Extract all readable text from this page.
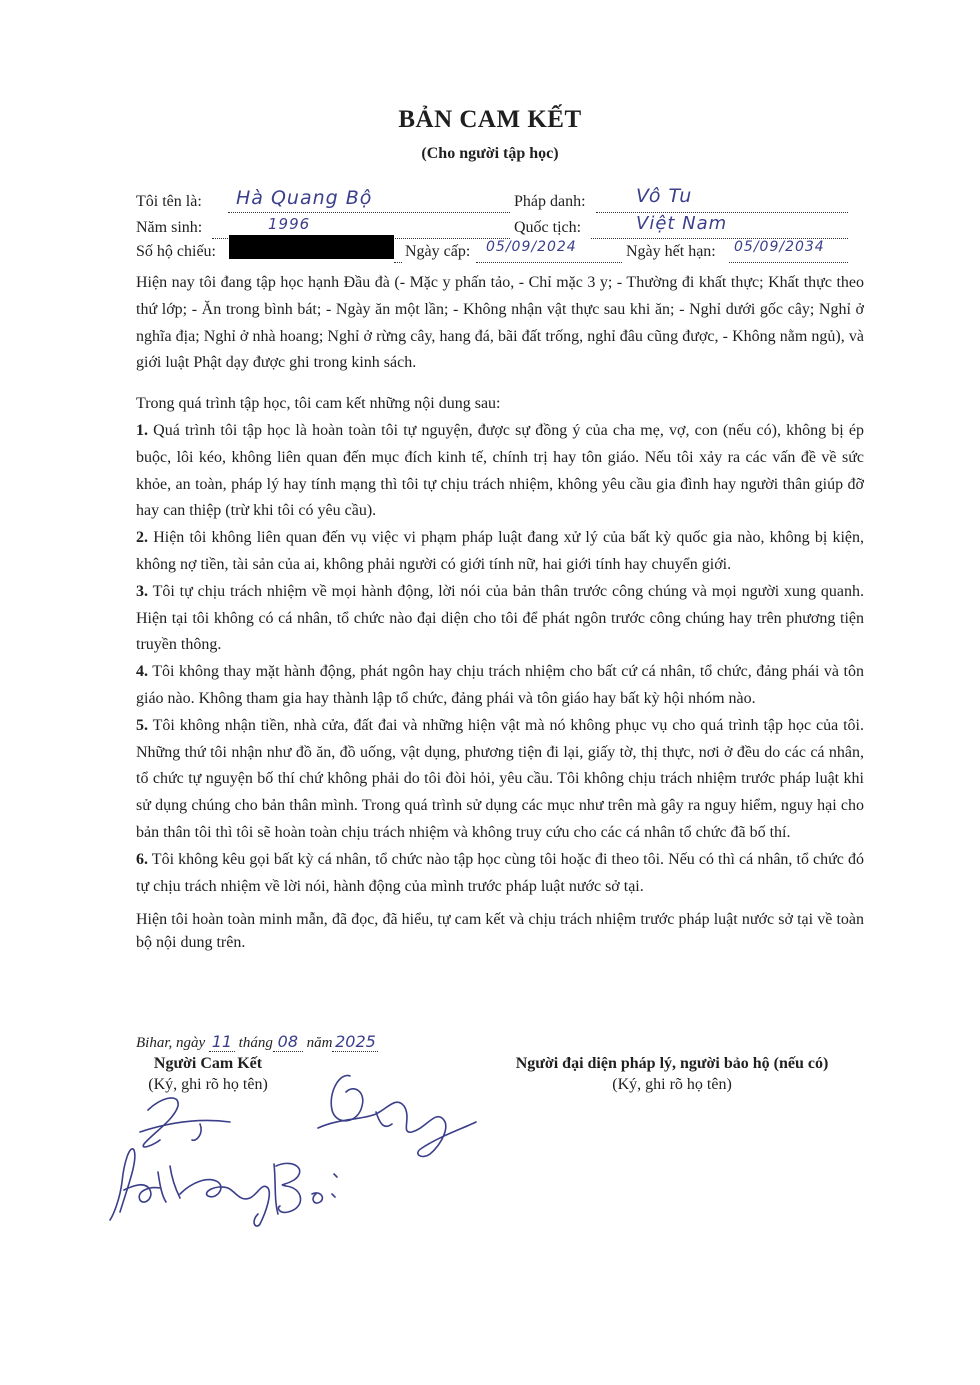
BẢN CAM KẾT
(Cho người tập học)
Tôi tên là: Hà Quang Bộ	Pháp danh:	Vô Tu
Năm sinh:	1996	Quốc tịch:	Việt Nam
Số hộ chiếu:	Ngày cấp: 05/09/2024	Ngày hết hạn: 05/09/2034

Hiện nay tôi đang tập học hạnh Đầu đà (- Mặc y phấn tảo, - Chỉ mặc 3 y; - Thường đi khất thực; Khất thực theo thứ lớp; - Ăn trong bình bát; - Ngày ăn một lần; - Không nhận vật thực sau khi ăn; - Nghỉ dưới gốc cây; Nghỉ ở nghĩa địa; Nghỉ ở nhà hoang; Nghỉ ở rừng cây, hang đá, bãi đất trống, nghỉ đâu cũng được, - Không nằm ngủ), và giới luật Phật dạy được ghi trong kinh sách.

Trong quá trình tập học, tôi cam kết những nội dung sau:

1. Quá trình tôi tập học là hoàn toàn tôi tự nguyện, được sự đồng ý của cha mẹ, vợ, con (nếu có), không bị ép buộc, lôi kéo, không liên quan đến mục đích kinh tế, chính trị hay tôn giáo. Nếu tôi xảy ra các vấn đề về sức khỏe, an toàn, pháp lý hay tính mạng thì tôi tự chịu trách nhiệm, không yêu cầu gia đình hay người thân giúp đỡ hay can thiệp (trừ khi tôi có yêu cầu).

2. Hiện tôi không liên quan đến vụ việc vi phạm pháp luật đang xử lý của bất kỳ quốc gia nào, không bị kiện, không nợ tiền, tài sản của ai, không phải người có giới tính nữ, hai giới tính hay chuyển giới.

3. Tôi tự chịu trách nhiệm về mọi hành động, lời nói của bản thân trước công chúng và mọi người xung quanh. Hiện tại tôi không có cá nhân, tổ chức nào đại diện cho tôi để phát ngôn trước công chúng hay trên phương tiện truyền thông.

4. Tôi không thay mặt hành động, phát ngôn hay chịu trách nhiệm cho bất cứ cá nhân, tổ chức, đảng phái và tôn giáo nào. Không tham gia hay thành lập tổ chức, đảng phái và tôn giáo hay bất kỳ hội nhóm nào.

5. Tôi không nhận tiền, nhà cửa, đất đai và những hiện vật mà nó không phục vụ cho quá trình tập học của tôi. Những thứ tôi nhận như đồ ăn, đồ uống, vật dụng, phương tiện đi lại, giấy tờ, thị thực, nơi ở đều do các cá nhân, tổ chức tự nguyện bố thí chứ không phải do tôi đòi hỏi, yêu cầu. Tôi không chịu trách nhiệm trước pháp luật khi sử dụng chúng cho bản thân mình. Trong quá trình sử dụng các mục như trên mà gây ra nguy hiểm, nguy hại cho bản thân tôi thì tôi sẽ hoàn toàn chịu trách nhiệm và không truy cứu cho các cá nhân tổ chức đã bố thí.

6. Tôi không kêu gọi bất kỳ cá nhân, tổ chức nào tập học cùng tôi hoặc đi theo tôi. Nếu có thì cá nhân, tổ chức đó tự chịu trách nhiệm về lời nói, hành động của mình trước pháp luật nước sở tại.

Hiện tôi hoàn toàn minh mẫn, đã đọc, đã hiểu, tự cam kết và chịu trách nhiệm trước pháp luật nước sở tại về toàn bộ nội dung trên.

Bihar, ngày 11 tháng 08 năm 2025
Người Cam Kết
(Ký, ghi rõ họ tên)
Người đại diện pháp lý, người bảo hộ (nếu có)
(Ký, ghi rõ họ tên)
